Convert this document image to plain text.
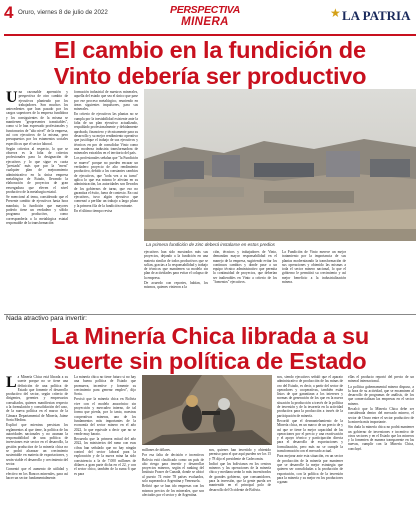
4 Oruro, viernes 8 de julio de 2022	PERSPECTIVA
MINERA
★ LA PATRIA
El cambio en la fundición de
Vinto debería ser productivo

Una razonable aprensión y perspectiva de otro cambio de ejecutivos planteado por los trabajadores. Son muchos los antecedentes que han pasado por los cargos superiores de la empresa fundidora y los consiguientes de la misma se mantienen "geopresentes transitables", como si le han expresado profesionales y funcionarios de "alto nivel" de la empresa, así con ejecutivos de la misma, pero presupuestos por los estamentos sociales específicos que el sector laboral.

Según criterios al respecto, lo que se observa es la falta de criterios profesionales para la designación de ejecutivos y lo que sigue es cuota "prestada" más que por la "mera" cualquier plan de mejoramiento administrativo en la única empresa metalúrgica de Estado, llevando la elaboración de proyectos de gran envergadura que eleven el nivel productivo de la metalurgia estatal.

Se mencionó al tema, considerado que el Presente cambio de ejecutivos hasta hora mandato, la fundición que mayores poderío tiene un verdadero y sólido programa productivo, como correspondería a la metalúrgica estatal responsable de la transformación

formación industrial de nuestros minerales, aquella del estado que sea el único que pase por ese proceso metalúrgico, reuniendo en áreas siguientes impulsores, para sus minerales.

En criterio de ejecutivos las plantas no se cumpla por la inestabilidad existente ante la falta de un plan ejecutivo actualizado, respaldado profesionalmente y debidamente aprobado, financiero y técnicamente para su desarrollo y su mejor rendimiento operativo que justifique el trabajo de sus ejecutivos y técnicos en pro de consolidar Vinto como una moderna industria transformadora de minerales extraídos en el territorio del país.

Los profesionales señalan que "la Fundición se mueve" porque no pueden encarar un verdadero proyecto de alto rendimiento productivo, debido a los constantes cambios de ejecutivos, que "toda vez a su turno" aplica lo que esa misma le afectan en su administración, las autoridades son llevados de los gobiernos de turno, que eso no garantiza el éxito, fuera de contexto. En casi ejecutivos, tuvo algún ejecutivo que comenzó a perfilar un trabajo a largo plazo y la primera fila de la fundición entrante.

En el último tiempo revisa

La primera fundición de zinc deberá instalarse en estos predios

ejecutivos han sido mostrados más sus proyectos, dejando a la fundición en una materia similar de todos productivos que se solían, gracias a la responsabilidad y trabajo de técnicos que mantienen su modelo sin plan de actividades para evitar el colapso de la empresa.

De acuerdo con reportes, habían, los mismos, quienes vinieron a la

ción, técnicos y trabajadores de Vinto, demandan mayor responsabilidad en el manejo de la empresa, sugiriendo evitar los continuos cambios y donde pase a un equipo técnico administrativo que permita la continuidad de proyectos, que deberían ser inalterables en Vinto a criterio de los "fomentos" ejecutivos.

La Fundición de Vinto merece un mejor tratamiento por la importancia de sus plantas modernizando la transformación de sus operaciones y obtenido las mismas a toda el sector minero nacional, lo que el gobierno le permitirá su crecimiento y así mejor beneficio a la industrialización minera.

Nada atractivo para invertir:
La Minería Chica librada a su
suerte sin política de Estado

La Minería Chica está librada a su suerte porque no se tiene una definición de una política de Estado que fomente el desarrollo productivo del sector, según criterio de dirigentes, gerentes y empresarios consultados, quienes manifiestan respecto a la formulación y consolidación del caso, de la nueva política en el marco de la Cámara Departamental de Minería, Jaime Soria Medina.

Explicó que mientras persistan los reglamentos al que tiene, la política de las autoridades nacionales y no asuman la responsabilidad de una política de inversiones este sector en el desarrollo, la gestión productiva de la minería chica no se podrá alcanzar un crecimiento sustentable en materia de exportaciones, y serán viable el desarrollo y crecimiento del sector.

Comentó que el aumento de utilidad y efectivo en los Bancos minerales, para así hacer un sector fundamentalmente.

La minería chica no tiene futuro si no hay una buena política de Estado que promueva, incentive y fomente su crecimiento para generar empleo", dijo Soria.

Precisó que la minería chica en Bolivia vive con el modelo anacrónico sin proyección y mercadeo interno, de tal forma que pierda, por lo tanto, nuestras cooperativas mineras, uno de los fundamentos más importantes de la economía del sector minero en el año 2022, lo que equivale a decir que no se vende muy barato.

Recuerda que la primera mitad del año 2022, los ministerios del ramo con esas cifras han señalado que no hay ningún control del sector laboral para la exploración y de la nueva mina ha sido consistencia a la de 7.000 millones de dólares a gran parte dicha en el 22, y con el sector chico, también de la suma 6 que es para

millones de dólares.

Por esa falta de decisión e incentivos Bolivia está clasificado como un país de alto riesgo para invertir y desarrollar proyectos mineros, según el ranking del Instituto Fraser de Canadá, donde se ubicó al puesto 74 entre 78 países evaluados, solo superando a Argentina y Venezuela.

Refirió que se han ido empresas con los mismos precios de los minerales, que son afectados por el sector y de Argentina.

nos, quienes han invertido y obtenido permiso para el que aquí pueden ser los 15 y 78 dijo el presidente de Cadecomin.

Indicó que los bolivianos en los centros mineros y las operaciones de la minería chica y mediana serán lo más incentivados de grandes gobierno, que consumidores, para la inversión, que la gente pueda ser mantenido en el principal polo de desarrollo del Occidente de Bolivia.

nos, siendo ejecutivos señaló que el aparato administrativo de producción de las minas de oro del Estado, es decir, a partir del sector de operadores y cooperativas, también están listos de que garantizan a los intereses y normas de generación de los que en la nueva situación la producción a través de la política de inversión y de la tesorería en la actividad productiva para la producción a través de la participación de minería.

Recordó que el desmantelamiento de la Minería chica, en un marco de un precio de y así que se tiene la mejor capacidad de las operaciones por el precio y una reactivación y el apoyo técnico y participación directa para el desarrollo de exportaciones y formalización, pero más no se cumple la transformación con el mercado actual.

Para mejorar ante esta situación, en un sector de producción de la minería por mantener que se desarrolle la mejor estrategia que quieren ser consolidadas a la producción de exportación, con la política de la inversión para la minería y su mejor en los productores a ganar.

ellas el producto reportó del precio de un mineral internacional.

La política gubernamental minera dispuso, a la hora de su actividad, que se encaminen al desarrollo de programas de análisis, de los que comercializan las empresas en el sector minero.

Recalcó que la Minería Chica debe ser considerada dentro del mercado minero, el sector de Oruro entre el sector productivo de la minería más importante.

Sin duda la minería chica no podrá mantener un gobierno de inversiones e incentivo de otros sectores y en el Estado que los mineros y la fomenten de manera transparente en las nuevas, cumplir con la Minería Chica, concluyó.
